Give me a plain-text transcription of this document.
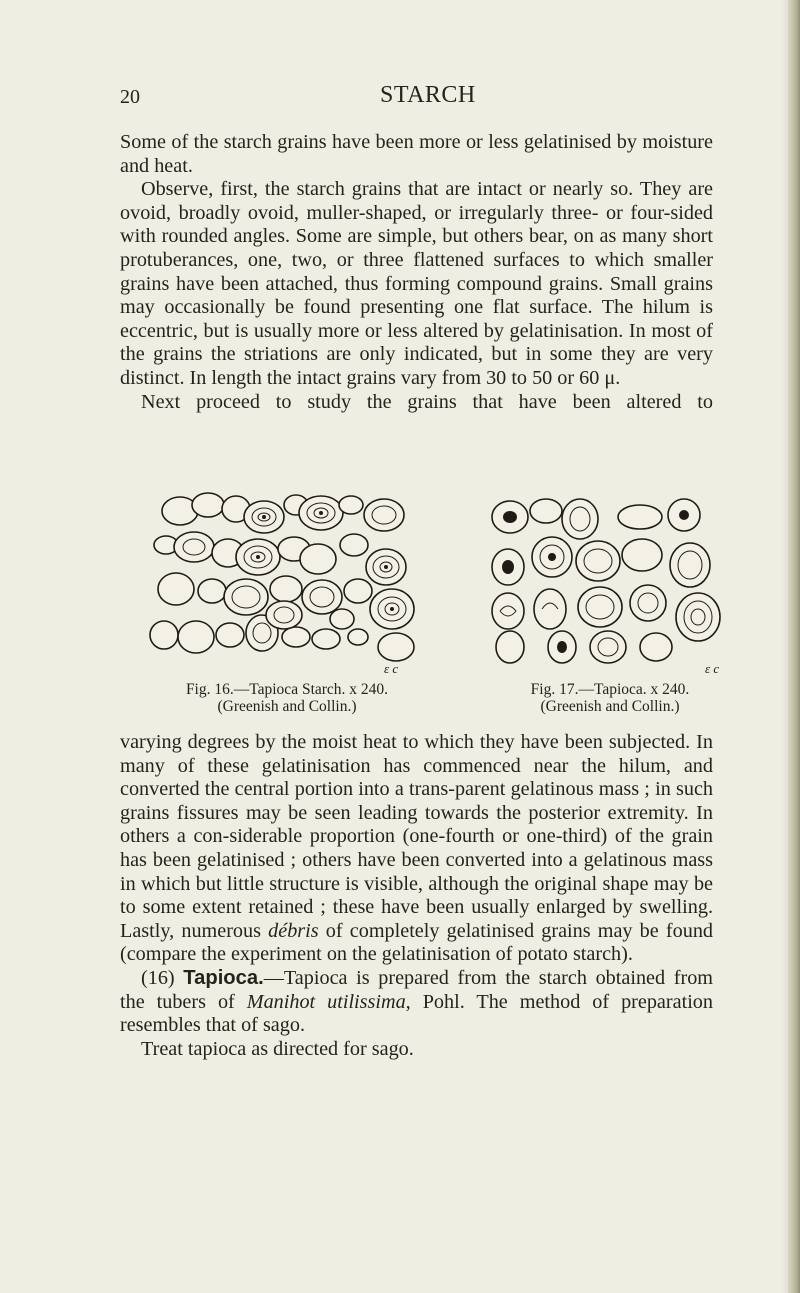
20	STARCH

Some of the starch grains have been more or less gelatinised by moisture and heat.

Observe, first, the starch grains that are intact or nearly so. They are ovoid, broadly ovoid, muller-shaped, or irregularly three- or four-sided with rounded angles. Some are simple, but others bear, on as many short protuberances, one, two, or three flattened surfaces to which smaller grains have been attached, thus forming compound grains. Small grains may occasionally be found presenting one flat surface. The hilum is eccentric, but is usually more or less altered by gelatinisation. In most of the grains the striations are only indicated, but in some they are very distinct. In length the intact grains vary from 30 to 50 or 60 μ.

Next proceed to study the grains that have been altered to

ε c
Fig. 16.—Tapioca Starch. x 240.
(Greenish and Collin.)
ε c
Fig. 17.—Tapioca. x 240.
(Greenish and Collin.)

varying degrees by the moist heat to which they have been subjected. In many of these gelatinisation has commenced near the hilum, and converted the central portion into a trans-parent gelatinous mass ; in such grains fissures may be seen leading towards the posterior extremity. In others a con-siderable proportion (one-fourth or one-third) of the grain has been gelatinised ; others have been converted into a gelatinous mass in which but little structure is visible, although the original shape may be to some extent retained ; these have been usually enlarged by swelling. Lastly, numerous débris of completely gelatinised grains may be found (compare the experiment on the gelatinisation of potato starch).

(16) Tapioca.—Tapioca is prepared from the starch obtained from the tubers of Manihot utilissima, Pohl. The method of preparation resembles that of sago.

Treat tapioca as directed for sago.
